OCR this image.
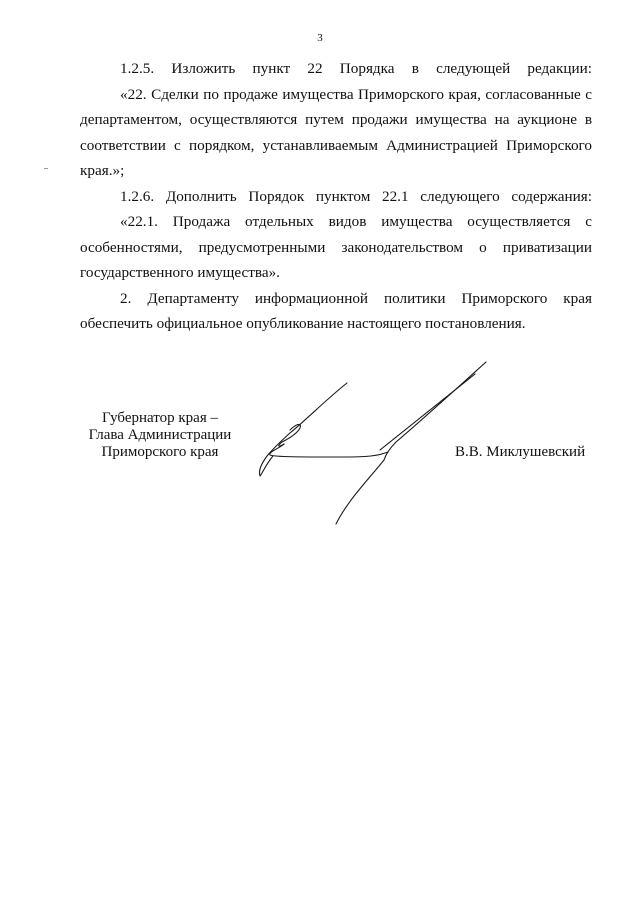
3

1.2.5. Изложить пункт 22 Порядка в следующей редакции:

«22. Сделки по продаже имущества Приморского края, согласованные с департаментом, осуществляются путем продажи имущества на аукционе в соответствии с порядком, устанавливаемым Администрацией Приморского края.»;

1.2.6. Дополнить Порядок пунктом 22.1 следующего содержания:

«22.1. Продажа отдельных видов имущества осуществляется с особенностями, предусмотренными законодательством о приватизации государственного имущества».

2. Департаменту информационной политики Приморского края обеспечить официальное опубликование настоящего постановления.

Губернатор края –
Глава Администрации
Приморского края	В.В. Миклушевский
